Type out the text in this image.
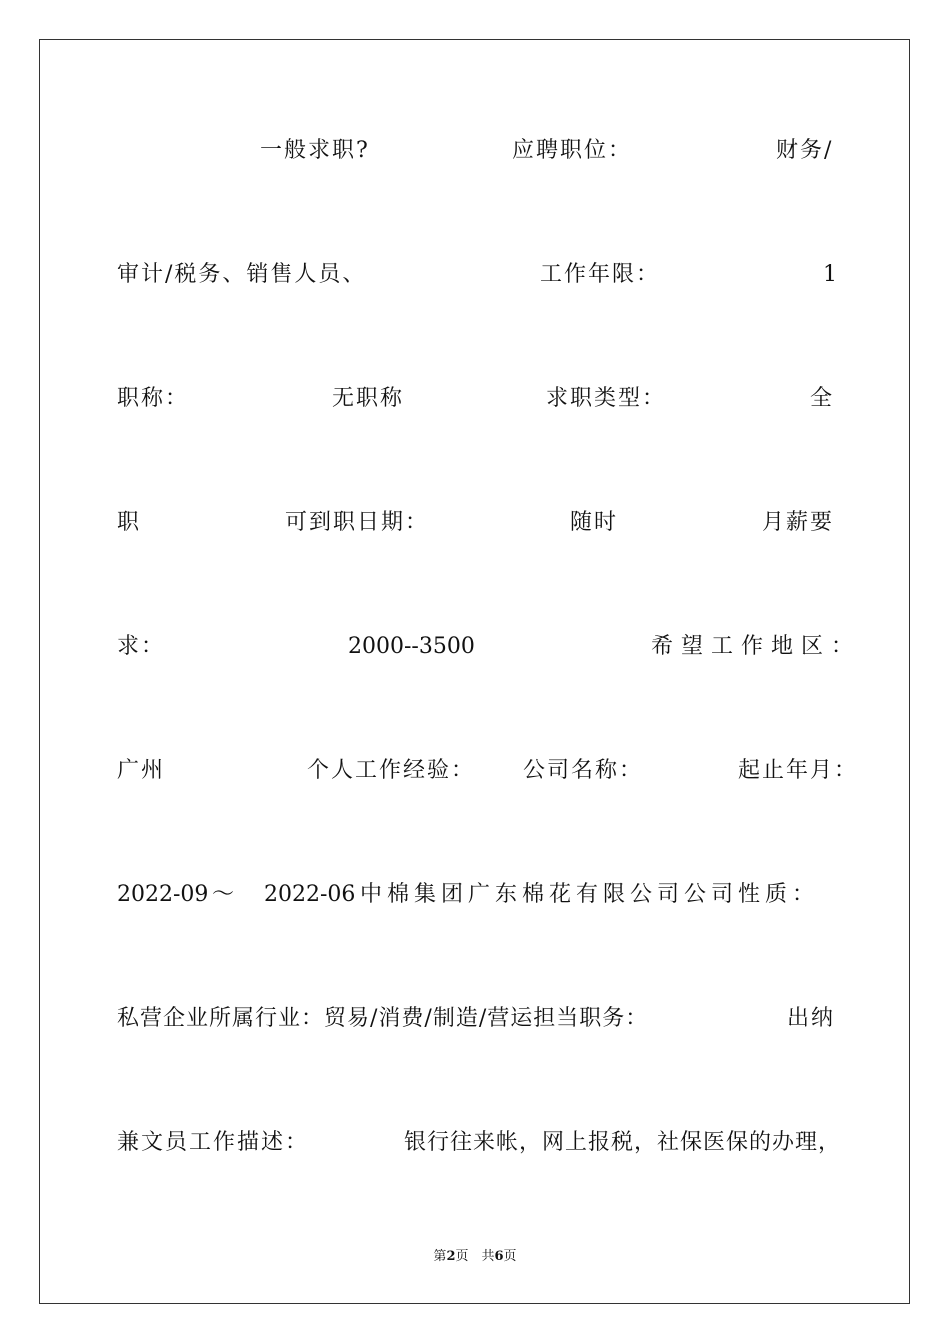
一般求职?	应聘职位：	财务/
审计/税务、销售人员、	工作年限：	1
职称：	无职称	求职类型：	全
职	可到职日期：	随时	月薪要
求：	2000--3500	希望工作地区：
广州	个人工作经验： 公司名称：	起止年月：
2022-09 ～ 2022-06 中棉集团广东棉花有限公司公司性质：
私营企业所属行业：贸易/消费/制造/营运担当职务：	出纳
兼文员工作描述：	银行往来帐，网上报税，社保医保的办理，
第2页　共6页
